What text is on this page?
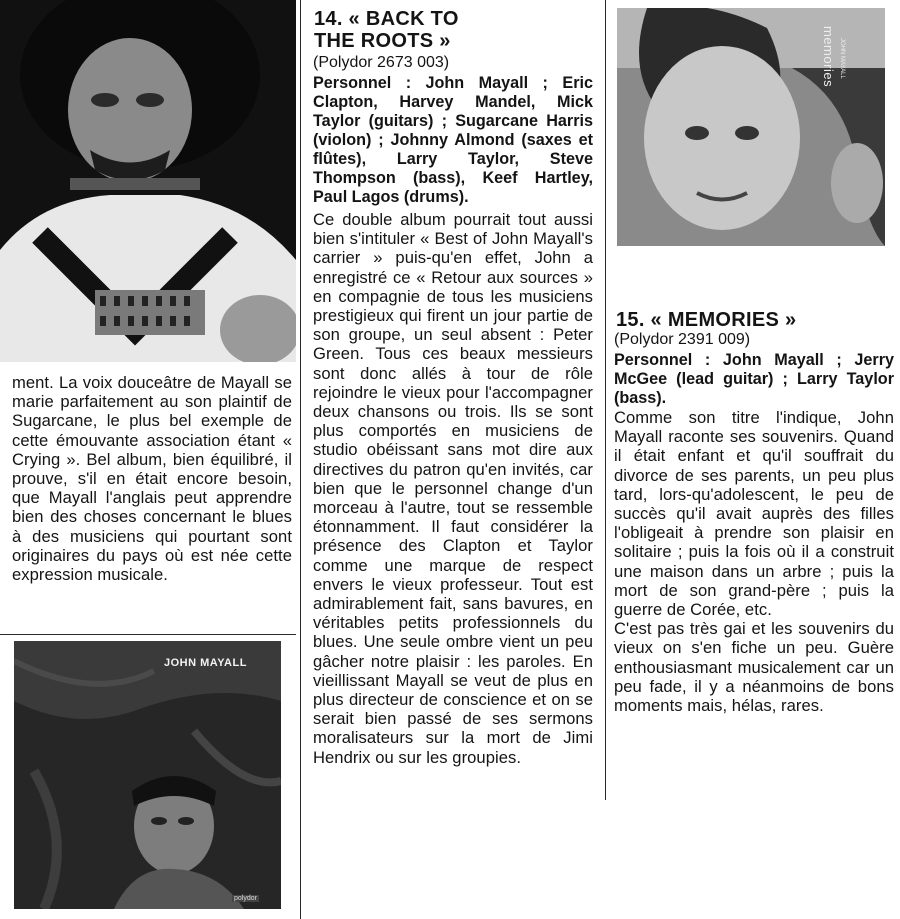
ment. La voix douceâtre de Mayall se marie parfaitement au son plaintif de Sugarcane, le plus bel exemple de cette émouvante association étant « Crying ». Bel album, bien équilibré, il prouve, s'il en était encore besoin, que Mayall l'anglais peut apprendre bien des choses concernant le blues à des musiciens qui pourtant sont originaires du pays où est née cette expression musicale.

JOHN MAYALL
polydor
14. « BACK TO THE ROOTS »
(Polydor 2673 003)
Personnel : John Mayall ; Eric Clapton, Harvey Mandel, Mick Taylor (guitars) ; Sugarcane Harris (violon) ; Johnny Almond (saxes et flûtes), Larry Taylor, Steve Thompson (bass), Keef Hartley, Paul Lagos (drums).

Ce double album pourrait tout aussi bien s'intituler « Best of John Mayall's carrier » puis-qu'en effet, John a enregistré ce « Retour aux sources » en compagnie de tous les musiciens prestigieux qui firent un jour partie de son groupe, un seul absent : Peter Green. Tous ces beaux messieurs sont donc allés à tour de rôle rejoindre le vieux pour l'accompagner deux chansons ou trois. Ils se sont plus comportés en musiciens de studio obéissant sans mot dire aux directives du patron qu'en invités, car bien que le personnel change d'un morceau à l'autre, tout se ressemble étonnamment. Il faut considérer la présence des Clapton et Taylor comme une marque de respect envers le vieux professeur. Tout est admirablement fait, sans bavures, en véritables petits professionnels du blues. Une seule ombre vient un peu gâcher notre plaisir : les paroles. En vieillissant Mayall se veut de plus en plus directeur de conscience et on se serait bien passé de ses sermons moralisateurs sur la mort de Jimi Hendrix ou sur les groupies.

memories JOHN MAYALL
15. « MEMORIES »
(Polydor 2391 009)
Personnel : John Mayall ; Jerry McGee (lead guitar) ; Larry Taylor (bass).

Comme son titre l'indique, John Mayall raconte ses souvenirs. Quand il était enfant et qu'il souffrait du divorce de ses parents, un peu plus tard, lors-qu'adolescent, le peu de succès qu'il avait auprès des filles l'obligeait à prendre son plaisir en solitaire ; puis la fois où il a construit une maison dans un arbre ; puis la mort de son grand-père ; puis la guerre de Corée, etc.

C'est pas très gai et les souvenirs du vieux on s'en fiche un peu. Guère enthousiasmant musicalement car un peu fade, il y a néanmoins de bons moments mais, hélas, rares.
